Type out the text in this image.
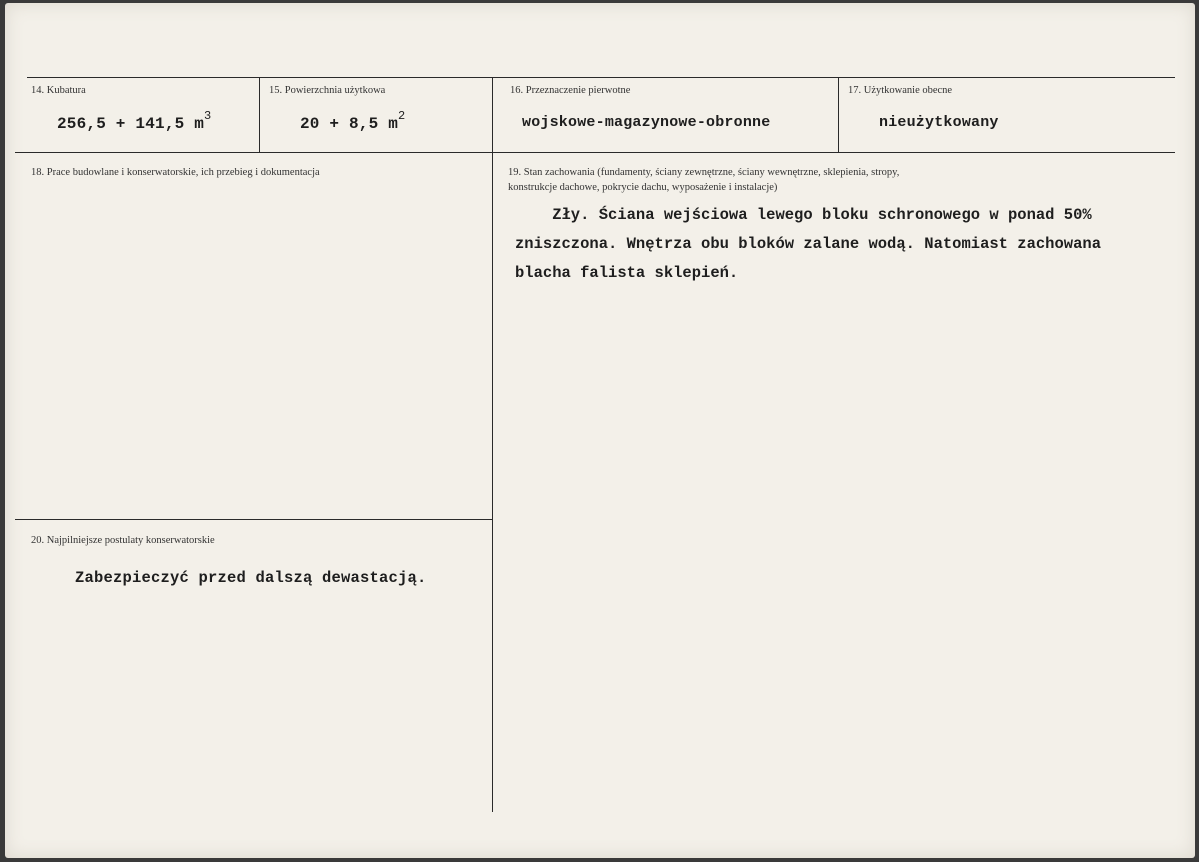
14. Kubatura
256,5 + 141,5 $m^3$
15. Powierzchnia użytkowa
20 + 8,5 $m^2$
16. Przeznaczenie pierwotne
wojskowe-magazynowe-obronne
17. Użytkowanie obecne
nieużytkowany
18. Prace budowlane i konserwatorskie, ich przebieg i dokumentacja	19. Stan zachowania (fundamenty, ściany zewnętrzne, ściany wewnętrzne, sklepienia, stropy,
konstrukcje dachowe, pokrycie dachu, wyposażenie i instalacje)
Zły. Ściana wejściowa lewego bloku schronowego w ponad 50%
zniszczona. Wnętrza obu bloków zalane wodą. Natomiast zachowana
blacha falista sklepień.
20. Najpilniejsze postulaty konserwatorskie
Zabezpieczyć przed dalszą dewastacją.
